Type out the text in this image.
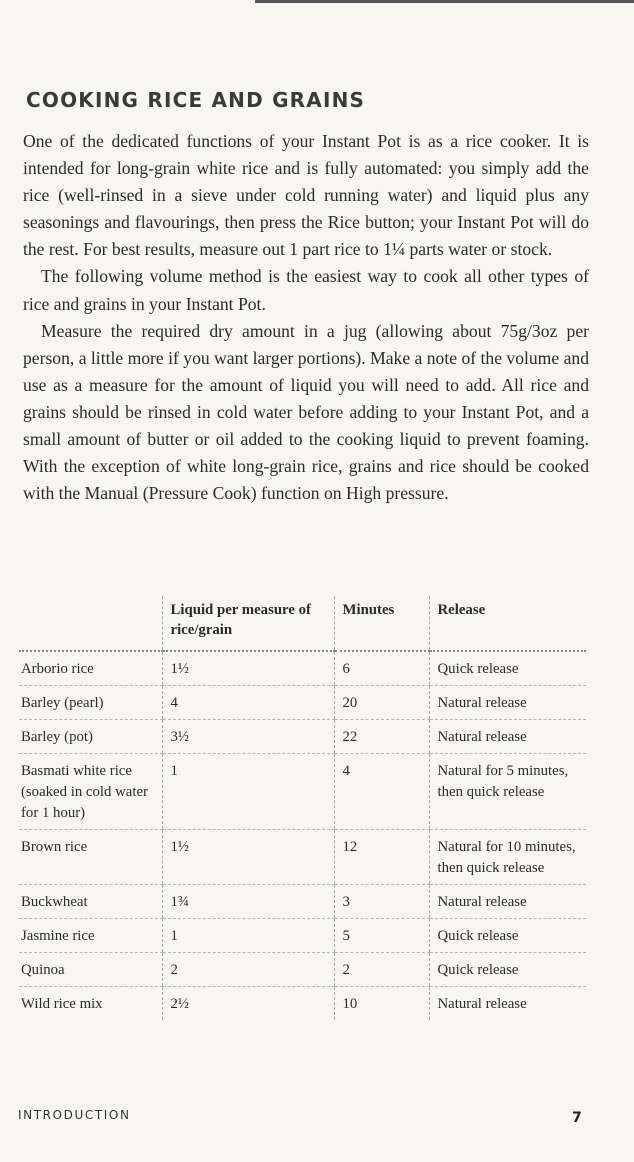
COOKING RICE AND GRAINS

One of the dedicated functions of your Instant Pot is as a rice cooker. It is intended for long-grain white rice and is fully automated: you simply add the rice (well-rinsed in a sieve under cold running water) and liquid plus any seasonings and flavourings, then press the Rice button; your Instant Pot will do the rest. For best results, measure out 1 part rice to 1¼ parts water or stock.

The following volume method is the easiest way to cook all other types of rice and grains in your Instant Pot.

Measure the required dry amount in a jug (allowing about 75g/3oz per person, a little more if you want larger portions). Make a note of the volume and use as a measure for the amount of liquid you will need to add. All rice and grains should be rinsed in cold water before adding to your Instant Pot, and a small amount of butter or oil added to the cooking liquid to prevent foaming. With the exception of white long-grain rice, grains and rice should be cooked with the Manual (Pressure Cook) function on High pressure.

	Liquid per measure of rice/grain	Minutes	Release
Arborio rice	1½	6	Quick release
Barley (pearl)	4	20	Natural release
Barley (pot)	3½	22	Natural release
Basmati white rice (soaked in cold water for 1 hour)	1	4	Natural for 5 minutes, then quick release
Brown rice	1½	12	Natural for 10 minutes, then quick release
Buckwheat	1¾	3	Natural release
Jasmine rice	1	5	Quick release
Quinoa	2	2	Quick release
Wild rice mix	2½	10	Natural release
INTRODUCTION	7
